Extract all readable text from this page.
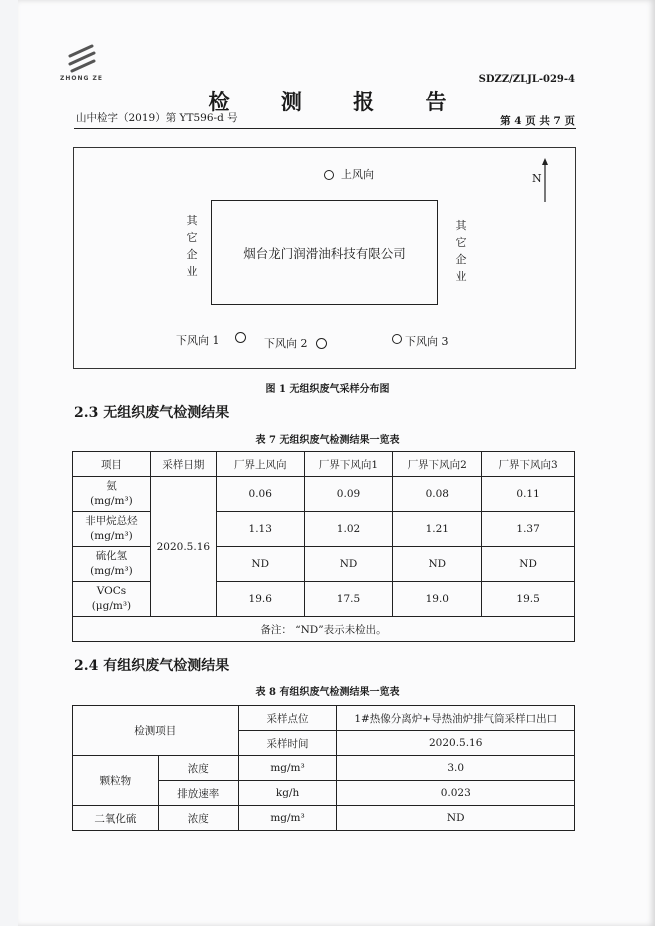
ZHONG ZE	SDZZ/ZLJL-029-4
检 测 报 告
山中检字（2019）第 YT596-d 号	第 4 页 共 7 页
上风向	N
其它企业
烟台龙门润滑油科技有限公司
其它企业
下风向 1	下风向 2	下风向 3
图 1 无组织废气采样分布图
2.3 无组织废气检测结果
表 7 无组织废气检测结果一览表
项目	采样日期	厂界上风向	厂界下风向1	厂界下风向2	厂界下风向3

氨
(mg/m³)	2020.5.16	0.06	0.09	0.08	0.11

非甲烷总烃
(mg/m³)		1.13	1.02	1.21	1.37

硫化氢
(mg/m³)		ND	ND	ND	ND

VOCs
(μg/m³)		19.6	17.5	19.0	19.5
备注： “ND”表示未检出。					
2.4 有组织废气检测结果
表 8 有组织废气检测结果一览表
检测项目		采样点位	1#热像分离炉+导热油炉排气筒采样口出口
		采样时间	2020.5.16
颗粒物	浓度	mg/m³	3.0
	排放速率	kg/h	0.023
二氧化硫	浓度	mg/m³	ND
